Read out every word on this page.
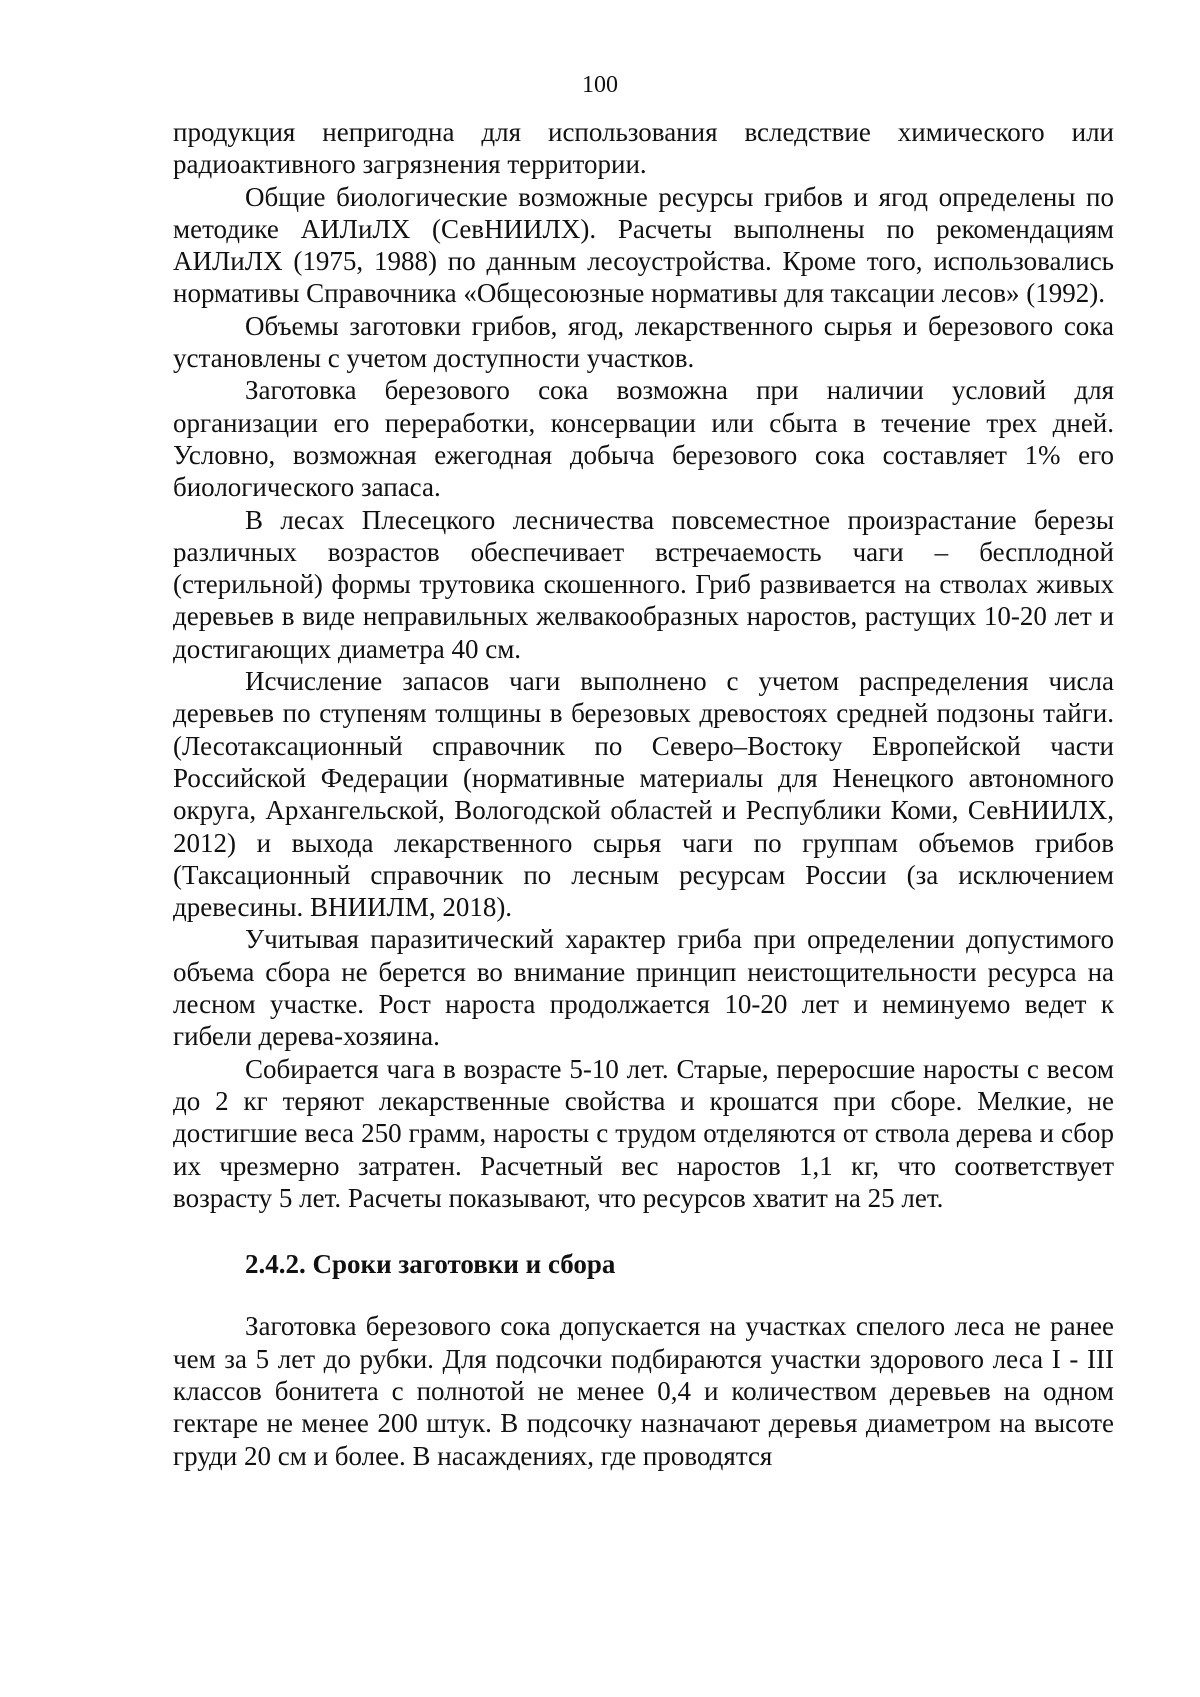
100

продукция непригодна для использования вследствие химического или радиоактивного загрязнения территории.

Общие биологические возможные ресурсы грибов и ягод определены по методике АИЛиЛХ (СевНИИЛХ). Расчеты выполнены по рекомендациям АИЛиЛХ (1975, 1988) по данным лесоустройства. Кроме того, использовались нормативы Справочника «Общесоюзные нормативы для таксации лесов» (1992).

Объемы заготовки грибов, ягод, лекарственного сырья и березового сока установлены с учетом доступности участков.

Заготовка березового сока возможна при наличии условий для организации его переработки, консервации или сбыта в течение трех дней. Условно, возможная ежегодная добыча березового сока составляет 1% его биологического запаса.

В лесах Плесецкого лесничества повсеместное произрастание березы различных возрастов обеспечивает встречаемость чаги – бесплодной (стерильной) формы трутовика скошенного. Гриб развивается на стволах живых деревьев в виде неправильных желвакообразных наростов, растущих 10-20 лет и достигающих диаметра 40 см.

Исчисление запасов чаги выполнено с учетом распределения числа деревьев по ступеням толщины в березовых древостоях средней подзоны тайги. (Лесотаксационный справочник по Северо–Востоку Европейской части Российской Федерации (нормативные материалы для Ненецкого автономного округа, Архангельской, Вологодской областей и Республики Коми, СевНИИЛХ, 2012) и выхода лекарственного сырья чаги по группам объемов грибов (Таксационный справочник по лесным ресурсам России (за исключением древесины. ВНИИЛМ, 2018).

Учитывая паразитический характер гриба при определении допустимого объема сбора не берется во внимание принцип неистощительности ресурса на лесном участке. Рост нароста продолжается 10-20 лет и неминуемо ведет к гибели дерева-хозяина.

Собирается чага в возрасте 5-10 лет. Старые, переросшие наросты с весом до 2 кг теряют лекарственные свойства и крошатся при сборе. Мелкие, не достигшие веса 250 грамм, наросты с трудом отделяются от ствола дерева и сбор их чрезмерно затратен. Расчетный вес наростов 1,1 кг, что соответствует возрасту 5 лет. Расчеты показывают, что ресурсов хватит на 25 лет.

2.4.2. Сроки заготовки и сбора

Заготовка березового сока допускается на участках спелого леса не ранее чем за 5 лет до рубки. Для подсочки подбираются участки здорового леса I - III классов бонитета с полнотой не менее 0,4 и количеством деревьев на одном гектаре не менее 200 штук. В подсочку назначают деревья диаметром на высоте груди 20 см и более. В насаждениях, где проводятся
